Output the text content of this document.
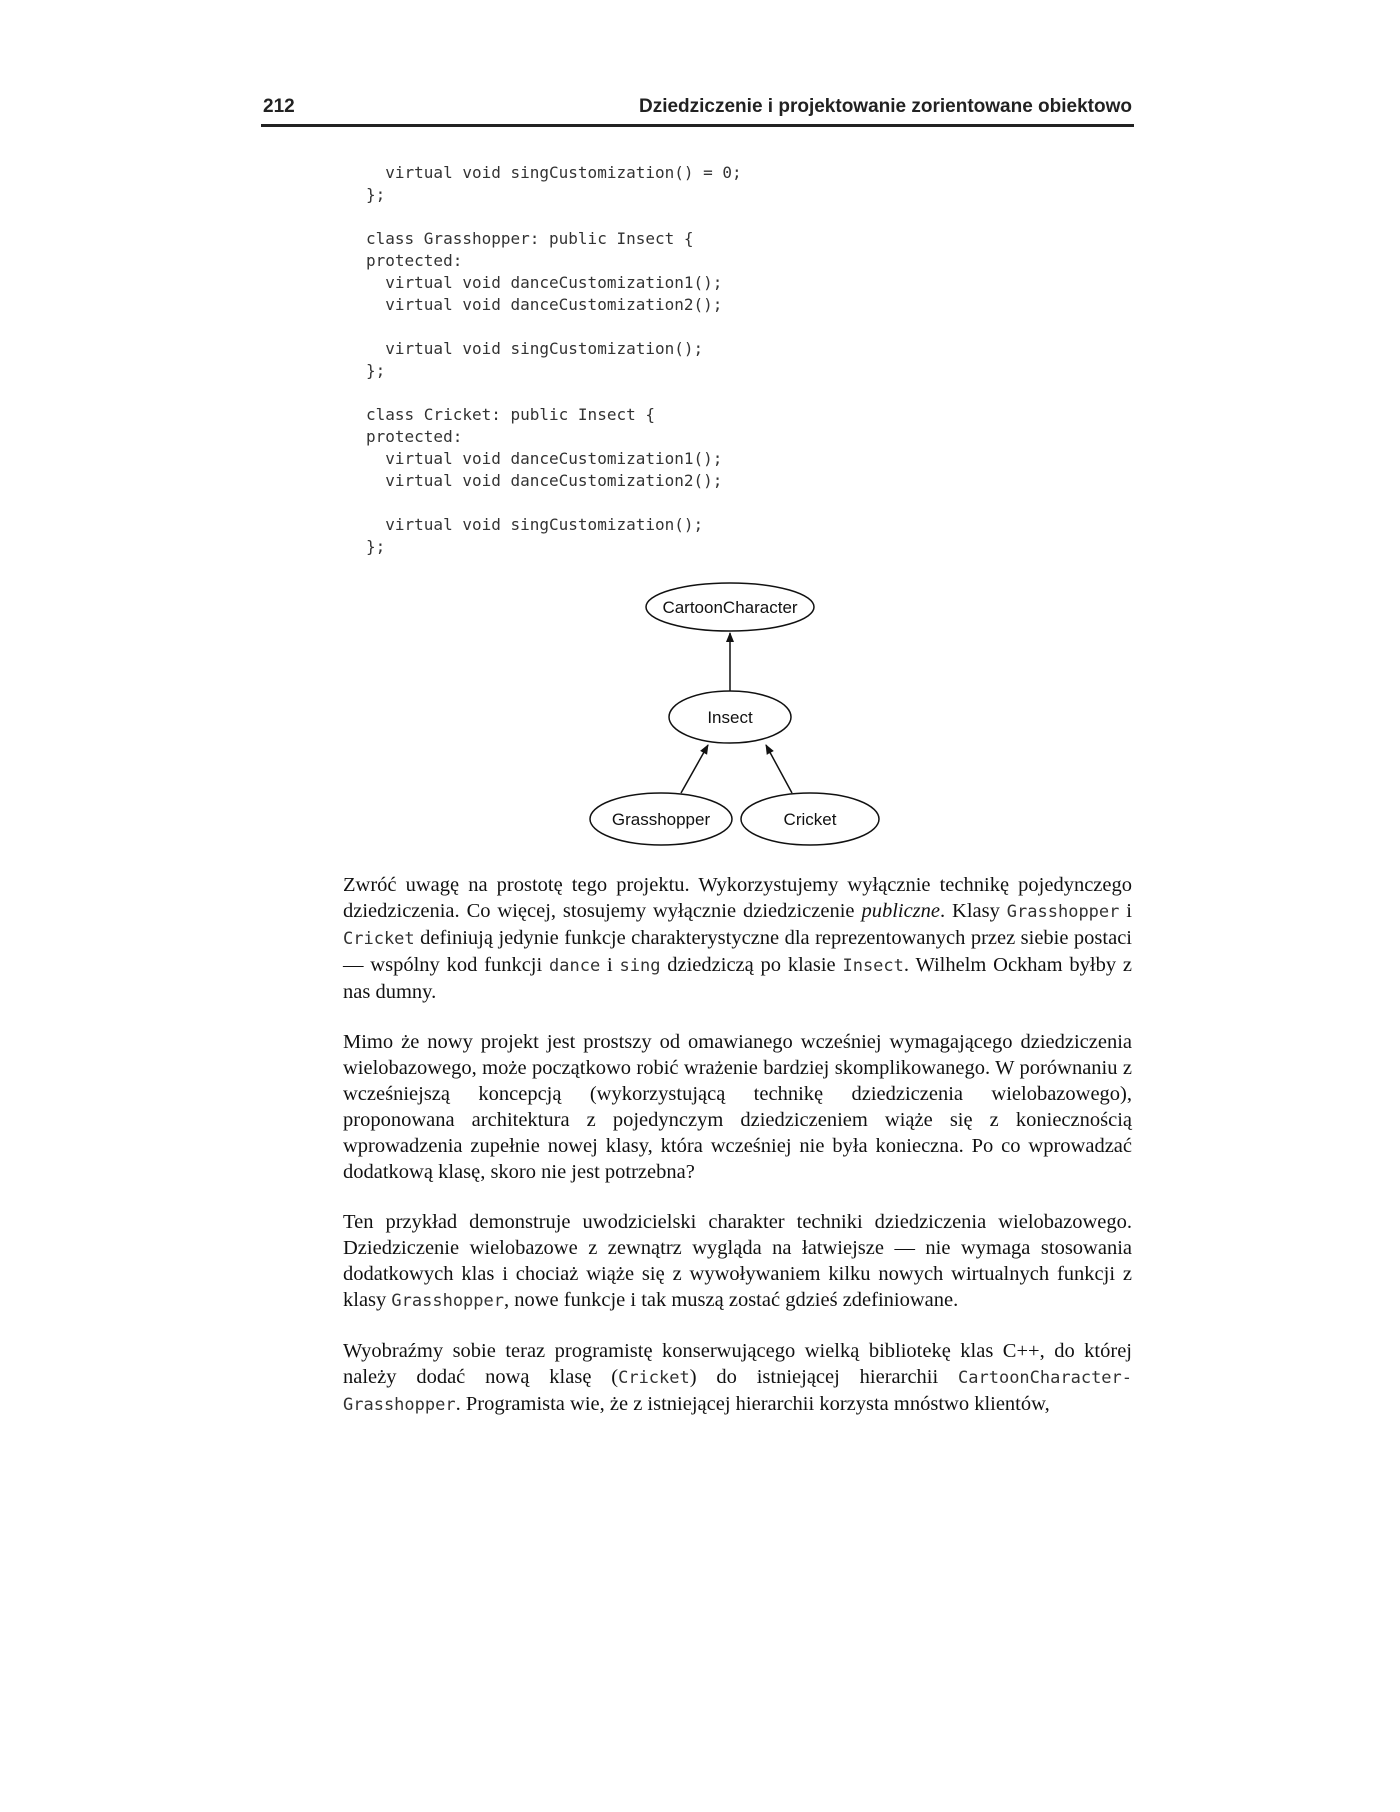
212	Dziedziczenie i projektowanie zorientowane obiektowo
virtual void singCustomization() = 0;
};
class Grasshopper: public Insect {
protected:
virtual void danceCustomization1();
virtual void danceCustomization2();
virtual void singCustomization();
};
class Cricket: public Insect {
protected:
virtual void danceCustomization1();
virtual void danceCustomization2();
virtual void singCustomization();
};
CartoonCharacter
Insect
Grasshopper	Cricket

Zwróć uwagę na prostotę tego projektu. Wykorzystujemy wyłącznie technikę pojedynczego dziedziczenia. Co więcej, stosujemy wyłącznie dziedziczenie publiczne. Klasy Grasshopper i Cricket definiują jedynie funkcje charakterystyczne dla reprezentowanych przez siebie postaci — wspólny kod funkcji dance i sing dziedziczą po klasie Insect. Wilhelm Ockham byłby z nas dumny.

Mimo że nowy projekt jest prostszy od omawianego wcześniej wymagającego dziedziczenia wielobazowego, może początkowo robić wrażenie bardziej skomplikowanego. W porównaniu z wcześniejszą koncepcją (wykorzystującą technikę dziedziczenia wielobazowego), proponowana architektura z pojedynczym dziedziczeniem wiąże się z koniecznością wprowadzenia zupełnie nowej klasy, która wcześniej nie była konieczna. Po co wprowadzać dodatkową klasę, skoro nie jest potrzebna?

Ten przykład demonstruje uwodzicielski charakter techniki dziedziczenia wielobazowego. Dziedziczenie wielobazowe z zewnątrz wygląda na łatwiejsze — nie wymaga stosowania dodatkowych klas i chociaż wiąże się z wywoływaniem kilku nowych wirtualnych funkcji z klasy Grasshopper, nowe funkcje i tak muszą zostać gdzieś zdefiniowane.

Wyobraźmy sobie teraz programistę konserwującego wielką bibliotekę klas C++, do której należy dodać nową klasę (Cricket) do istniejącej hierarchii CartoonCharacter-Grasshopper. Programista wie, że z istniejącej hierarchii korzysta mnóstwo klientów,
